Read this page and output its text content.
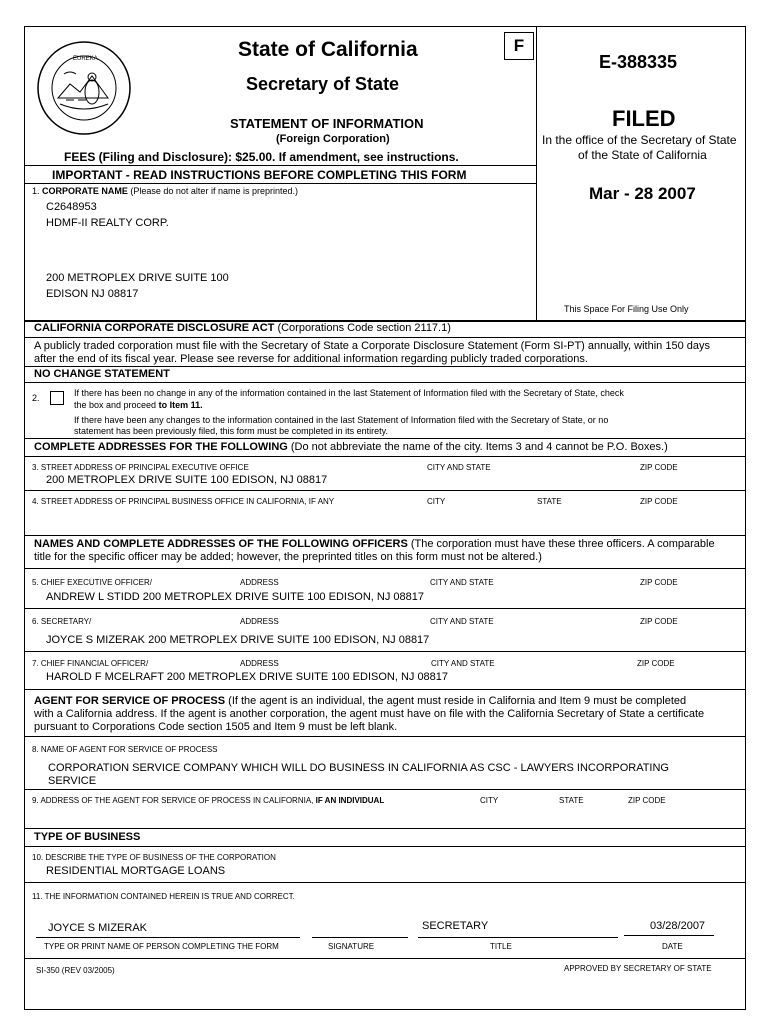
EUREKA	State of California
Secretary of State
F
STATEMENT OF INFORMATION
(Foreign Corporation)
FEES (Filing and Disclosure): $25.00. If amendment, see instructions.
IMPORTANT - READ INSTRUCTIONS BEFORE COMPLETING THIS FORM
E-388335
FILED
In the office of the Secretary of State
of the State of California
Mar - 28 2007
This Space For Filing Use Only
1. CORPORATE NAME (Please do not alter if name is preprinted.)
C2648953
HDMF-II REALTY CORP.
200 METROPLEX DRIVE SUITE 100
EDISON NJ 08817
CALIFORNIA CORPORATE DISCLOSURE ACT (Corporations Code section 2117.1)
A publicly traded corporation must file with the Secretary of State a Corporate Disclosure Statement (Form SI-PT) annually, within 150 days
after the end of its fiscal year. Please see reverse for additional information regarding publicly traded corporations.
NO CHANGE STATEMENT
2.	If there has been no change in any of the information contained in the last Statement of Information filed with the Secretary of State, check
the box and proceed to Item 11.
If there have been any changes to the information contained in the last Statement of Information filed with the Secretary of State, or no
statement has been previously filed, this form must be completed in its entirety.
COMPLETE ADDRESSES FOR THE FOLLOWING (Do not abbreviate the name of the city. Items 3 and 4 cannot be P.O. Boxes.)
3. STREET ADDRESS OF PRINCIPAL EXECUTIVE OFFICE	CITY AND STATE	ZIP CODE
200 METROPLEX DRIVE SUITE 100 EDISON, NJ 08817
4. STREET ADDRESS OF PRINCIPAL BUSINESS OFFICE IN CALIFORNIA, IF ANY	CITY	STATE	ZIP CODE
NAMES AND COMPLETE ADDRESSES OF THE FOLLOWING OFFICERS (The corporation must have these three officers. A comparable
title for the specific officer may be added; however, the preprinted titles on this form must not be altered.)
5. CHIEF EXECUTIVE OFFICER/	ADDRESS	CITY AND STATE	ZIP CODE
ANDREW L STIDD 200 METROPLEX DRIVE SUITE 100 EDISON, NJ 08817
6. SECRETARY/	ADDRESS	CITY AND STATE	ZIP CODE
JOYCE S MIZERAK 200 METROPLEX DRIVE SUITE 100 EDISON, NJ 08817
7. CHIEF FINANCIAL OFFICER/	ADDRESS	CITY AND STATE	ZIP CODE
HAROLD F MCELRAFT 200 METROPLEX DRIVE SUITE 100 EDISON, NJ 08817
AGENT FOR SERVICE OF PROCESS (If the agent is an individual, the agent must reside in California and Item 9 must be completed
with a California address. If the agent is another corporation, the agent must have on file with the California Secretary of State a certificate
pursuant to Corporations Code section 1505 and Item 9 must be left blank.
8. NAME OF AGENT FOR SERVICE OF PROCESS
CORPORATION SERVICE COMPANY WHICH WILL DO BUSINESS IN CALIFORNIA AS CSC - LAWYERS INCORPORATING
SERVICE
9. ADDRESS OF THE AGENT FOR SERVICE OF PROCESS IN CALIFORNIA, IF AN INDIVIDUAL	CITY	STATE	ZIP CODE
TYPE OF BUSINESS
10. DESCRIBE THE TYPE OF BUSINESS OF THE CORPORATION
RESIDENTIAL MORTGAGE LOANS
11. THE INFORMATION CONTAINED HEREIN IS TRUE AND CORRECT.
JOYCE S MIZERAK	SECRETARY	03/28/2007
TYPE OR PRINT NAME OF PERSON COMPLETING THE FORM	SIGNATURE	TITLE	DATE
SI-350 (REV 03/2005)	APPROVED BY SECRETARY OF STATE
